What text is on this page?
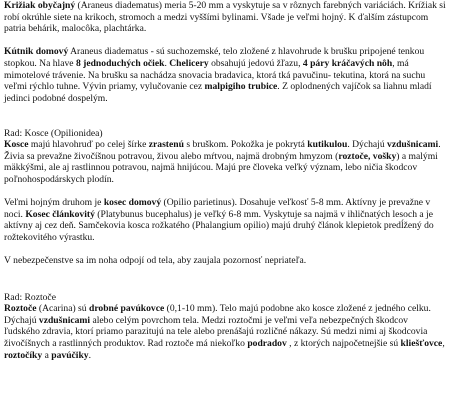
Križiak obyčajný (Araneus diadematus) meria 5-20 mm a vyskytuje sa v rôznych farebných variáciách. Krížiak si robí okrúhle siete na krikoch, stromoch a medzi vyššími bylinami. Všade je veľmi hojný. K ďalším zástupcom patria behárik, malocôka, plachtárka.

Kútnik domový Araneus diadematus - sú suchozemské, telo zložené z hlavohrude k brušku pripojené tenkou stopkou. Na hlave 8 jednoduchých očiek. Chelicery obsahujú jedovú žľazu, 4 páry kráčavých nôh, má mimotelové trávenie. Na brušku sa nachádza snovacia bradavica, ktorá tká pavučinu- tekutina, ktorá na suchu veľmi rýchlo tuhne. Vývin priamy, vylučovanie cez malpigiho trubice. Z oplodnených vajíčok sa liahnu mladí jedinci podobné dospelým.

Rad: Kosce (Opilionidea)

Kosce majú hlavohruď po celej šírke zrastenú s bruškom. Pokožka je pokrytá kutikulou. Dýchajú vzdušnicami. Živia sa prevažne živočíšnou potravou, živou alebo mŕtvou, najmä drobným hmyzom (roztoče, vošky) a malými mäkkýšmi, ale aj rastlinnou potravou, najmä hnijúcou. Majú pre človeka veľký význam, lebo ničia škodcov poľnohospodárskych plodín.

Veľmi hojným druhom je kosec domový (Opilio parietinus). Dosahuje veľkosť 5-8 mm. Aktívny je prevažne v noci. Kosec článkovitý (Platybunus bucephalus) je veľký 6-8 mm. Vyskytuje sa najmä v ihličnatých lesoch a je aktívny aj cez deň. Samčekovia kosca rožkatého (Phalangium opilio) majú druhý článok klepietok predĺžený do rožtekovitého výrastku.

V nebezpečenstve sa im noha odpojí od tela, aby zaujala pozornosť nepriateľa.

Rad: Roztoče

Roztoče (Acarina) sú drobné pavúkovce (0,1-10 mm). Telo majú podobne ako kosce zložené z jedného celku. Dýchajú vzdušnicami alebo celým povrchom tela. Medzi roztočmi je veľmi veľa nebezpečných škodcov ľudského zdravia, ktorí priamo parazitujú na tele alebo prenášajú rozličné nákazy. Sú medzi nimi aj škodcovia živočíšnych a rastlinných produktov. Rad roztoče má niekoľko podradov , z ktorých najpočetnejšie sú kliešťovce, roztočíky a pavúčiky.
